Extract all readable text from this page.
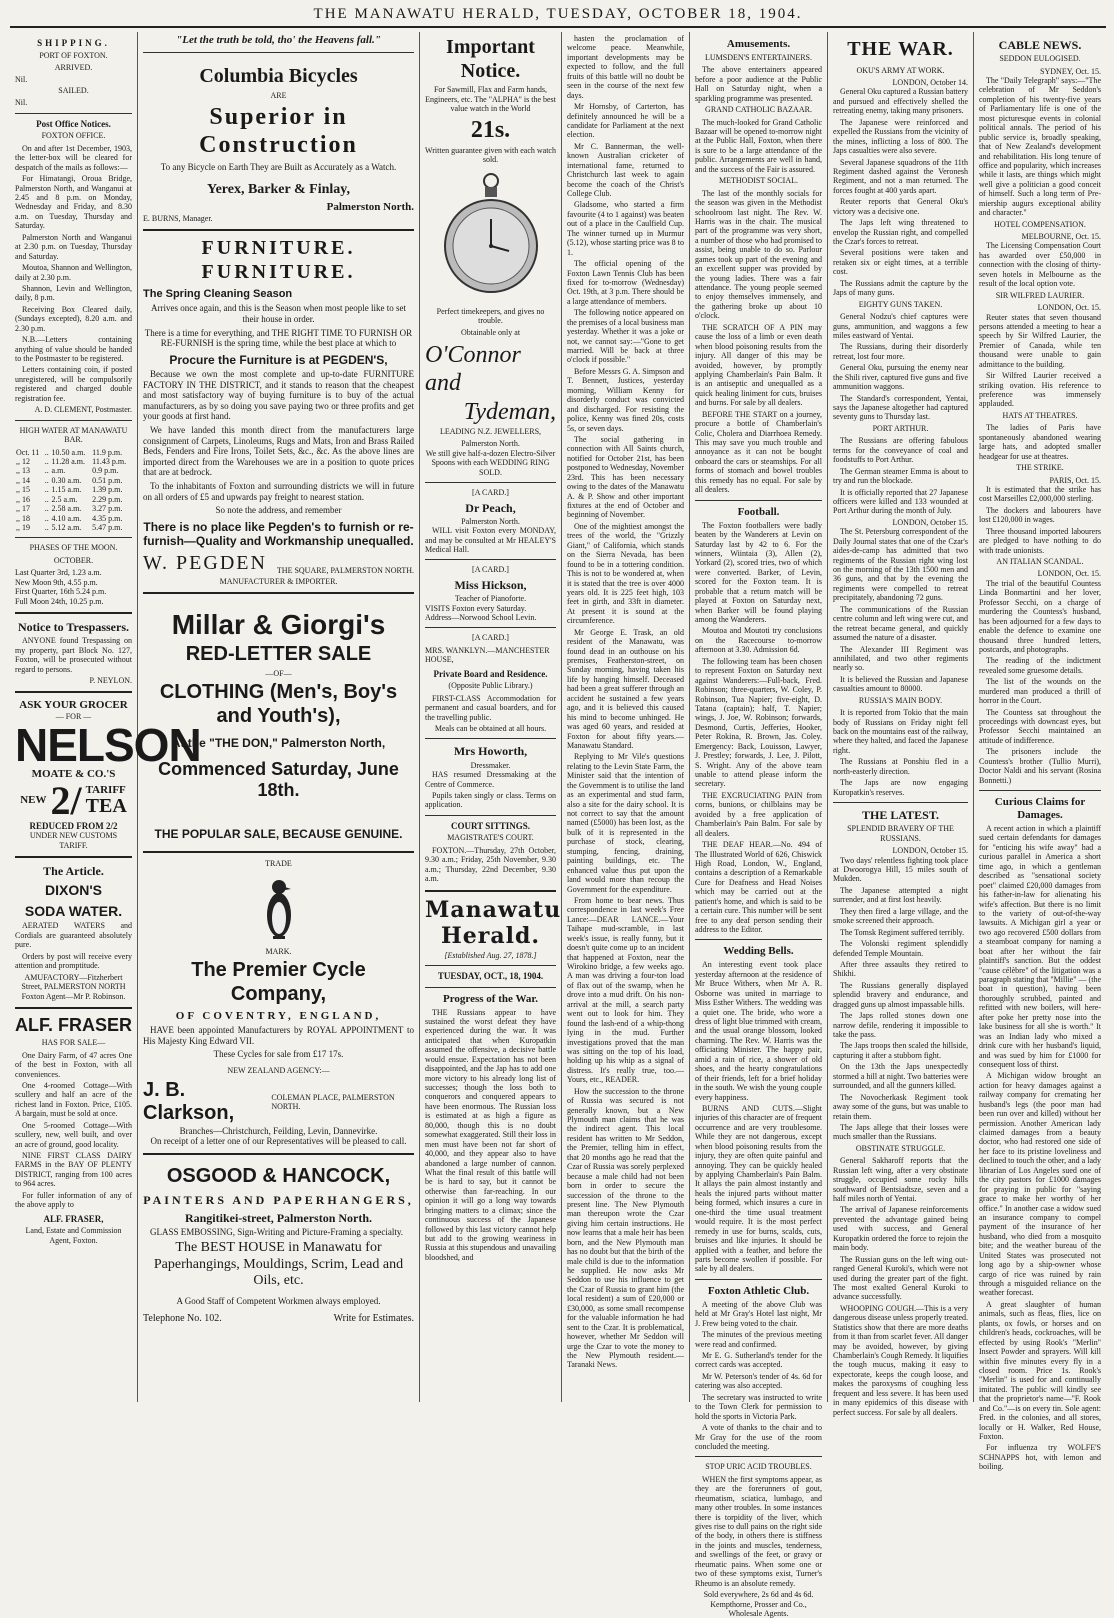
THE MANAWATU HERALD, TUESDAY, OCTOBER 18, 1904.
SHIPPING.
PORT OF FOXTON.
ARRIVED.
Nil.
SAILED.
Nil.
Post Office Notices.
FOXTON OFFICE.

On and after 1st December, 1903, the letter-box will be cleared for despatch of the mails as follows:—

For Himatangi, Oroua Bridge, Palmerston North, and Wanganui at 2.45 and 8 p.m. on Monday, Wednesday and Friday, and 8.30 a.m. on Tuesday, Thursday and Saturday.

Palmerston North and Wanganui at 2.30 p.m. on Tuesday, Thursday and Saturday.

Moutoa, Shannon and Wellington, daily at 2.30 p.m.

Shannon, Levin and Wellington, daily, 8 p.m.

Receiving Box Cleared daily, (Sundays excepted), 8.20 a.m. and 2.30 p.m.

N.B.—Letters containing anything of value should be handed to the Postmaster to be registered.

Letters containing coin, if posted unregistered, will be compulsorily registered and charged double registration fee.

A. D. CLEMENT, Postmaster.
HIGH WATER AT MANAWATU BAR.
Oct. 11	..	10.50 a.m.	11.9 p.m.
,, 12	..	11.28 a.m.	11.43 p.m.
,, 13	..	a.m.	0.9 p.m.
,, 14	..	0.30 a.m.	0.51 p.m.
,, 15	..	1.15 a.m.	1.39 p.m.
,, 16	..	2.5 a.m.	2.29 p.m.
,, 17	..	2.58 a.m.	3.27 p.m.
,, 18	..	4.10 a.m.	4.35 p.m.
,, 19	..	5.12 a.m.	5.47 p.m.
PHASES OF THE MOON.
OCTOBER.
Last Quarter 3rd, 1.23 a.m.
New Moon 9th, 4.55 p.m.
First Quarter, 16th 5.24 p.m.
Full Moon 24th, 10.25 p.m.
Notice to Trespassers.

ANYONE found Trespassing on my property, part Block No. 127, Foxton, will be prosecuted without regard to persons.

P. NEYLON.
ASK YOUR GROCER
— FOR —
NELSON
MOATE & CO.'S
NEW 2/ TARIFF
TEA
REDUCED FROM 2/2
UNDER NEW CUSTOMS TARIFF.
The Article.
DIXON'S
SODA WATER.

AERATED WATERS and Cordials are guaranteed absolutely pure.

Orders by post will receive every attention and promptitude.

AMUFACTORY—Fitzherbert Street, PALMERSTON NORTH
Foxton Agent—Mr P. Robinson.
ALF. FRASER
HAS FOR SALE—

One Dairy Farm, of 47 acres One of the best in Foxton, with all conveniences.

One 4-roomed Cottage—With scullery and half an acre of the richest land in Foxton. Price, £105. A bargain, must be sold at once.

One 5-roomed Cottage—With scullery, new, well built, and over an acre of ground, good locality.

NINE FIRST CLASS DAIRY FARMS in the BAY OF PLENTY DISTRICT, ranging from 100 acres to 964 acres.

For fuller information of any of the above apply to

ALF. FRASER,
Land, Estate and Commission Agent, Foxton.
"Let the truth be told, tho' the Heavens fall."
Columbia Bicycles
ARE
Superior in Construction
To any Bicycle on Earth They are Built as Accurately as a Watch.
Yerex, Barker & Finlay,
Palmerston North.
E. BURNS, Manager.
FURNITURE. FURNITURE.
The Spring Cleaning Season

Arrives once again, and this is the Season when most people like to set their house in order.

There is a time for everything, and THE RIGHT TIME TO FURNISH OR RE-FURNISH is the spring time, while the best place at which to

Procure the Furniture is at PEGDEN'S,

Because we own the most complete and up-to-date FURNITURE FACTORY IN THE DISTRICT, and it stands to reason that the cheapest and most satisfactory way of buying furniture is to buy of the actual manufacturers, as by so doing you save paying two or three profits and get your goods at first hand.

We have landed this month direct from the manufacturers large consignment of Carpets, Linoleums, Rugs and Mats, Iron and Brass Railed Beds, Fenders and Fire Irons, Toilet Sets, &c., &c. As the above lines are imported direct from the Warehouses we are in a position to quote prices that are at bedrock.

To the inhabitants of Foxton and surrounding districts we will in future on all orders of £5 and upwards pay freight to nearest station.

So note the address, and remember

There is no place like Pegden's to furnish or re-furnish—Quality and Workmanship unequalled.
W. PEGDEN THE SQUARE, PALMERSTON NORTH.
MANUFACTURER & IMPORTER.
Millar & Giorgi's
RED-LETTER SALE
—OF—
CLOTHING (Men's, Boy's and Youth's),
At the "THE DON," Palmerston North,
Commenced Saturday, June 18th.
THE POPULAR SALE, BECAUSE GENUINE.
TRADE
MARK.
The Premier Cycle Company,
OF COVENTRY, ENGLAND,

HAVE been appointed Manufacturers by ROYAL APPOINTMENT to His Majesty King Edward VII.

These Cycles for sale from £17 17s.

NEW ZEALAND AGENCY:—
J. B. Clarkson,
COLEMAN PLACE, PALMERSTON NORTH.
Branches—Christchurch, Feilding, Levin, Dannevirke.
On receipt of a letter one of our Representatives will be pleased to call.
OSGOOD & HANCOCK,
PAINTERS AND PAPERHANGERS,
Rangitikei-street, Palmerston North.

GLASS EMBOSSING, Sign-Writing and Picture-Framing a specialty.

The BEST HOUSE in Manawatu for Paperhangings, Mouldings, Scrim, Lead and Oils, etc.
A Good Staff of Competent Workmen always employed.
Telephone No. 102.	Write for Estimates.
Important Notice.

For Sawmill, Flax and Farm hands, Engineers, etc. The "ALPHA" is the best value watch in the World

21s.
Written guarantee given with each watch sold.

Perfect timekeepers, and gives no trouble.

Obtainable only at
O'Connor and
Tydeman,
LEADING N.Z. JEWELLERS,
Palmerston North.

We still give half-a-dozen Electro-Silver Spoons with each WEDDING RING SOLD.

[A CARD.]
Dr Peach,
Palmerston North.

WILL visit Foxton every MONDAY, and may be consulted at Mr HEALEY'S Medical Hall.

[A CARD.]
Miss Hickson,
Teacher of Pianoforte.
VISITS Foxton every Saturday.
Address—Norwood School Levin.
[A CARD.]
MRS. WANKLYN.—MANCHESTER HOUSE,
Private Board and Residence.
(Opposite Public Library.)

FIRST-CLASS Accommodation for permanent and casual boarders, and for the travelling public.

Meals can be obtained at all hours.
Mrs Howorth,
Dressmaker.

HAS resumed Dressmaking at the Centre of Commerce.

Pupils taken singly or class. Terms on application.

COURT SITTINGS.
MAGISTRATE'S COURT.

FOXTON.—Thursday, 27th October, 9.30 a.m.; Friday, 25th November, 9.30 a.m.; Thursday, 22nd December, 9.30 a.m.

Manawatu Herald.
[Established Aug. 27, 1878.]
TUESDAY, OCT., 18, 1904.
Progress of the War.

THE Russians appear to have sustained the worst defeat they have experienced during the war. It was anticipated that when Kuropatkin assumed the offensive, a decisive battle would ensue. Expectation has not been disappointed, and the Jap has to add one more victory to his already long list of successes; though the loss both to conquerors and conquered appears to have been enormous. The Russian loss is estimated at as high a figure as 80,000, though this is no doubt somewhat exaggerated. Still their loss in men must have been not far short of 40,000, and they appear also to have abandoned a large number of cannon. What the final result of this battle will be is hard to say, but it cannot be otherwise than far-reaching. In our opinion it will go a long way towards bringing matters to a climax; since the continuous success of the Japanese followed by this last victory cannot help but add to the growing weariness in Russia at this stupendous and unavailing bloodshed, and

hasten the proclamation of welcome peace. Meanwhile, important developments may be expected to follow, and the full fruits of this battle will no doubt be seen in the course of the next few days.

Mr Hornsby, of Carterton, has definitely announced he will be a candidate for Parliament at the next election.

Mr C. Bannerman, the well-known Australian cricketer of international fame, returned to Christchurch last week to again become the coach of the Christ's College Club.

Gladsome, who started a firm favourite (4 to 1 against) was beaten out of a place in the Caulfield Cup. The winner turned up in Murmur (5.12), whose starting price was 8 to 1.

The official opening of the Foxton Lawn Tennis Club has been fixed for to-morrow (Wednesday) Oct. 19th, at 3 p.m. There should be a large attendance of members.

The following notice appeared on the premises of a local business man yesterday. Whether it was a joke or not, we cannot say:—"Gone to get married. Will be back at three o'clock if possible."

Before Messrs G. A. Simpson and T. Bennett, Justices, yesterday morning, William Kenny for disorderly conduct was convicted and discharged. For resisting the police, Kenny was fined 20s, costs 5s, or seven days.

The social gathering in connection with All Saints church, notified for October 21st, has been postponed to Wednesday, November 23rd. This has been necessary owing to the dates of the Manawatu A. & P. Show and other important fixtures at the end of October and beginning of November.

One of the mightiest amongst the trees of the world, the "Grizzly Giant," of California, which stands on the Sierra Nevada, has been found to be in a tottering condition. This is not to be wondered at, when it is stated that the tree is over 4000 years old. It is 225 feet high, 103 feet in girth, and 33ft in diameter. At present it is sound at the circumference.

Mr George E. Trask, an old resident of the Manawatu, was found dead in an outhouse on his premises, Featherston-street, on Sunday morning, having taken his life by hanging himself. Deceased had been a great sufferer through an accident he sustained a few years ago, and it is believed this caused his mind to become unhinged. He was aged 60 years, and resided at Foxton for about fifty years.—Manawatu Standard.

Replying to Mr Vile's questions relating to the Levin State Farm, the Minister said that the intention of the Government is to utilise the land as an experimental and stud farm, also a site for the dairy school. It is not correct to say that the amount named (£5000) has been lost, as the bulk of it is represented in the purchase of stock, clearing, stumping, fencing, draining, painting buildings, etc. The enhanced value thus put upon the land would more than recoup the Government for the expenditure.

From home to bear news. Thus correspondence in last week's Free Lance:—DEAR LANCE.—Your Taihape mud-scramble, in last week's issue, is really funny, but it doesn't quite come up to an incident that happened at Foxton, near the Wirokino bridge, a few weeks ago. A man was driving a four-ton load of flax out of the swamp, when he drove into a mud drift. On his non-arrival at the mill, a search party went out to look for him. They found the lash-end of a whip-thong lying in the mud. Further investigations proved that the man was sitting on the top of his load, holding up his whip as a signal of distress. It's really true, too.—Yours, etc., READER.

How the succession to the throne of Russia was secured is not generally known, but a New Plymouth man claims that he was the indirect agent. This local resident has written to Mr Seddon, the Premier, telling him in effect, that 20 months ago he read that the Czar of Russia was sorely perplexed because a male child had not been born in order to secure the succession of the throne to the present line. The New Plymouth man thereupon wrote the Czar giving him certain instructions. He now learns that a male heir has been born, and the New Plymouth man has no doubt but that the birth of the male child is due to the information he supplied. He now asks Mr Seddon to use his influence to get the Czar of Russia to grant him (the local resident) a sum of £20,000 or £30,000, as some small recompense for the valuable information he had sent to the Czar. It is problematical, however, whether Mr Seddon will urge the Czar to vote the money to the New Plymouth resident.—Taranaki News.

Amusements.
LUMSDEN'S ENTERTAINERS.

The above entertainers appeared before a poor audience at the Public Hall on Saturday night, when a sparkling programme was presented.

GRAND CATHOLIC BAZAAR.

The much-looked for Grand Catholic Bazaar will be opened to-morrow night at the Public Hall, Foxton, when there is sure to be a large attendance of the public. Arrangements are well in hand, and the success of the Fair is assured.

METHODIST SOCIAL.

The last of the monthly socials for the season was given in the Methodist schoolroom last night. The Rev. W. Harris was in the chair. The musical part of the programme was very short, a number of those who had promised to assist, being unable to do so. Parlour games took up part of the evening and an excellent supper was provided by the young ladies. There was a fair attendance. The young people seemed to enjoy themselves immensely, and the gathering broke up about 10 o'clock.

THE SCRATCH OF A PIN may cause the loss of a limb or even death when blood poisoning results from the injury. All danger of this may be avoided, however, by promptly applying Chamberlain's Pain Balm. It is an antiseptic and unequalled as a quick healing liniment for cuts, bruises and burns. For sale by all dealers.

BEFORE THE START on a journey, procure a bottle of Chamberlain's Colic, Cholera and Diarrhoea Remedy. This may save you much trouble and annoyance as it can not be bought onboard the cars or steamships. For all forms of stomach and bowel troubles this remedy has no equal. For sale by all dealers.

Football.

The Foxton footballers were badly beaten by the Wanderers at Levin on Saturday last by 42 to 6. For the winners, Wiintaia (3), Allen (2), Yorkard (2), scored tries, two of which were converted. Barker, of Levin, scored for the Foxton team. It is probable that a return match will be played at Foxton on Saturday next, when Barker will be found playing among the Wanderers.

Moutoa and Moutoti try conclusions on the Racecourse to-morrow afternoon at 3.30. Admission 6d.

The following team has been chosen to represent Foxton on Saturday next against Wanderers:—Full-back, Fred. Robinson; three-quarters, W. Coley, P. Robinson, Tua Napier; five-eight, D. Tatana (captain); half, T. Napier; wings, J. Joe, W. Robinson; forwards, Desmond, Curtis, Jefferies, Hooker, Peter Rokina, R. Brown, Jas. Coley. Emergency: Back, Louisson, Lawyer, J. Prestley; forwards, J. Lee, J. Pilott, S. Wright. Any of the above team unable to attend please inform the secretary.

THE EXCRUCIATING PAIN from corns, bunions, or chilblains may be avoided by a free application of Chamberlain's Pain Balm. For sale by all dealers.

THE DEAF HEAR.—No. 494 of The Illustrated World of 626, Chiswick High Road, London, W., England, contains a description of a Remarkable Cure for Deafness and Head Noises which may be carried out at the patient's home, and which is said to be a certain cure. This number will be sent free to any deaf person sending their address to the Editor.

Wedding Bells.

An interesting event took place yesterday afternoon at the residence of Mr Bruce Withers, when Mr A. R. Osborne was united in marriage to Miss Esther Withers. The wedding was a quiet one. The bride, who wore a dress of light blue trimmed with cream, and the usual orange blossom, looked charming. The Rev. W. Harris was the officiating Minister. The happy pair, amid a rain of rice, a shower of old shoes, and the hearty congratulations of their friends, left for a brief holiday in the south. We wish the young couple every happiness.

BURNS AND CUTS.—Slight injuries of this character are of frequent occurrence and are very troublesome. While they are not dangerous, except when blood poisoning results from the injury, they are often quite painful and annoying. They can be quickly healed by applying Chamberlain's Pain Balm. It allays the pain almost instantly and heals the injured parts without matter being formed, which insures a cure in one-third the time usual treatment would require. It is the most perfect remedy in use for burns, scalds, cuts, bruises and like injuries. It should be applied with a feather, and before the parts become swollen if possible. For sale by all dealers.

Foxton Athletic Club.

A meeting of the above Club was held at Mr Gray's Hotel last night, Mr J. Frew being voted to the chair.

The minutes of the previous meeting were read and confirmed.

Mr E. G. Sutherland's tender for the correct cards was accepted.

Mr W. Peterson's tender of 4s. 6d for catering was also accepted.

The secretary was instructed to write to the Town Clerk for permission to hold the sports in Victoria Park.

A vote of thanks to the chair and to Mr Gray for the use of the room concluded the meeting.

STOP URIC ACID TROUBLES.

WHEN the first symptoms appear, as they are the forerunners of gout, rheumatism, sciatica, lumbago, and many other troubles. In some instances there is torpidity of the liver, which gives rise to dull pains on the right side of the body, in others there is stiffness in the joints and muscles, tenderness, and swellings of the feet, or gravy or rheumatic pains. When some one or two of these symptoms exist, Turner's Rheumo is an absolute remedy.

Sold everywhere, 2s 6d and 4s 6d.
Kempthorne, Prosser and Co., Wholesale Agents.
THE WAR.
OKU'S ARMY AT WORK.
LONDON, October 14.

General Oku captured a Russian battery and pursued and effectively shelled the retreating enemy, taking many prisoners.

The Japanese were reinforced and expelled the Russians from the vicinity of the mines, inflicting a loss of 800. The Japs casualties were also severe.

Several Japanese squadrons of the 11th Regiment dashed against the Veronesh Regiment, and not a man returned. The forces fought at 400 yards apart.

Reuter reports that General Oku's victory was a decisive one.

The Japs left wing threatened to envelop the Russian right, and compelled the Czar's forces to retreat.

Several positions were taken and retaken six or eight times, at a terrible cost.

The Russians admit the capture by the Japs of many guns.

EIGHTY GUNS TAKEN.

General Nodzu's chief captures were guns, ammunition, and waggons a few miles eastward of Yentai.

The Russians, during their disorderly retreat, lost four more.

General Oku, pursuing the enemy near the Shili river, captured five guns and five ammunition waggons.

The Standard's correspondent, Yentai, says the Japanese altogether had captured seventy guns to Thursday last.

PORT ARTHUR.

The Russians are offering fabulous terms for the conveyance of coal and foodstuffs to Port Arthur.

The German steamer Emma is about to try and run the blockade.

It is officially reported that 27 Japanese officers were killed and 133 wounded at Port Arthur during the month of July.

LONDON, October 15.

The St. Petersburg correspondent of the Daily Journal states that one of the Czar's aides-de-camp has admitted that two regiments of the Russian right wing lost on the morning of the 13th 1500 men and 36 guns, and that by the evening the regiments were compelled to retreat precipitately, abandoning 72 guns.

The communications of the Russian centre column and left wing were cut, and the retreat became general, and quickly assumed the nature of a disaster.

The Alexander III Regiment was annihilated, and two other regiments nearly so.

It is believed the Russian and Japanese casualties amount to 80000.

RUSSIA'S MAIN BODY.

It is reported from Tokio that the main body of Russians on Friday night fell back on the mountains east of the railway, where they halted, and faced the Japanese right.

The Russians at Ponshiu fled in a north-easterly direction.

The Japs are now engaging Kuropatkin's reserves.

THE LATEST.
SPLENDID BRAVERY OF THE RUSSIANS.
LONDON, October 15.

Two days' relentless fighting took place at Dwoorogya Hill, 15 miles south of Mukden.

The Japanese attempted a night surrender, and at first lost heavily.

They then fired a large village, and the smoke screened their approach.

The Tomsk Regiment suffered terribly.

The Volonski regiment splendidly defended Temple Mountain.

After three assaults they retired to Shikhi.

The Russians generally displayed splendid bravery and endurance, and dragged guns up almost impassable hills.

The Japs rolled stones down one narrow defile, rendering it impossible to take the pass.

The Japs troops then scaled the hillside, capturing it after a stubborn fight.

On the 13th the Japs unexpectedly stormed a hill at night. Two batteries were surrounded, and all the gunners killed.

The Novocherkask Regiment took away some of the guns, but was unable to retain them.

The Japs allege that their losses were much smaller than the Russians.

OBSTINATE STRUGGLE.

General Sakharoff reports that the Russian left wing, after a very obstinate struggle, occupied some rocky hills southward of Bentsiadtsze, seven and a half miles north of Yentai.

The arrival of Japanese reinforcements prevented the advantage gained being used with success, and General Kuropatkin ordered the force to rejoin the main body.

The Russian guns on the left wing out-ranged General Kuroki's, which were not used during the greater part of the fight. The most exalted General Kuroki to advance successfully.

WHOOPING COUGH.—This is a very dangerous disease unless properly treated. Statistics show that there are more deaths from it than from scarlet fever. All danger may be avoided, however, by giving Chamberlain's Cough Remedy. It liquifies the tough mucus, making it easy to expectorate, keeps the cough loose, and makes the paroxysms of coughing less frequent and less severe. It has been used in many epidemics of this disease with perfect success. For sale by all dealers.

CABLE NEWS.
SEDDON EULOGISED.
SYDNEY, Oct. 15.

The "Daily Telegraph" says:—"The celebration of Mr Seddon's completion of his twenty-five years of Parliamentary life is one of the most picturesque events in colonial political annals. The period of his public service is, broadly speaking, that of New Zealand's development and rehabilitation. His long tenure of office and popularity, which increases while it lasts, are things which might well give a politician a good conceit of himself. Such a long term of Pre-miership augurs exceptional ability and character."

HOTEL COMPENSATION.
MELBOURNE, Oct. 15.

The Licensing Compensation Court has awarded over £50,000 in connection with the closing of thirty-seven hotels in Melbourne as the result of the local option vote.

SIR WILFRED LAURIER.
LONDON, Oct. 15.

Reuter states that seven thousand persons attended a meeting to hear a speech by Sir Wilfred Laurier, the Premier of Canada, while ten thousand were unable to gain admittance to the building.

Sir Wilfred Laurier received a striking ovation. His reference to preference was immensely applauded.

HATS AT THEATRES.

The ladies of Paris have spontaneously abandoned wearing large hats, and adopted smaller headgear for use at theatres.

THE STRIKE.
PARIS, Oct. 15.

It is estimated that the strike has cost Marseilles £2,000,000 sterling.

The dockers and labourers have lost £120,000 in wages.

Three thousand imported labourers are pledged to have nothing to do with trade unionists.

AN ITALIAN SCANDAL.
LONDON, Oct. 15.

The trial of the beautiful Countess Linda Bonmartini and her lover, Professor Secchi, on a charge of murdering the Countess's husband, has been adjourned for a few days to enable the defence to examine one thousand three hundred letters, postcards, and photographs.

The reading of the indictment revealed some gruesome details.

The list of the wounds on the murdered man produced a thrill of horror in the Court.

The Countess sat throughout the proceedings with downcast eyes, but Professor Secchi maintained an attitude of indifference.

The prisoners include the Countess's brother (Tullio Murri), Doctor Naldi and his servant (Rosina Bonnetti.)

Curious Claims for Damages.

A recent action in which a plaintiff sued certain defendants for damages for "enticing his wife away" had a curious parallel in America a short time ago, in which a gentleman described as "sensational society poet" claimed £20,000 damages from his father-in-law for alienating his wife's affection. But there is no limit to the variety of out-of-the-way lawsuits. A Michigan girl a year or two ago recovered £500 dollars from a steamboat company for naming a boat after her without the fair plaintiff's sanction. But the oddest "cause célèbre" of the litigation was a paragraph stating that "Millie" — (the boat in question), having been thoroughly scrubbed, painted and refitted with new boilers, will here-after poke her pretty nose into the lake business for all she is worth." It was an Indian lady who mixed a drink cure with her husband's liquid, and was sued by him for £1000 for consequent loss of thirst.

A Michigan widow brought an action for heavy damages against a railway company for cremating her husband's legs (the poor man had been run over and killed) without her permission. Another American lady claimed damages from a beauty doctor, who had restored one side of her face to its pristine loveliness and declined to touch the other, and a lady librarian of Los Angeles sued one of the city pastors for £1000 damages for praying in public for "saying grace to make her worthy of her office." In another case a widow sued an insurance company to compel payment of the insurance of her husband, who died from a mosquito bite; and the weather bureau of the United States was prosecuted not long ago by a ship-owner whose cargo of rice was ruined by rain through a misguided reliance on the weather forecast.

A great slaughter of human animals, such as fleas, flies, lice on plants, ox fowls, or horses and on children's heads, cockroaches, will be effected by using Rook's "Merlin" Insect Powder and sprayers. Will kill within five minutes every fly in a closed room. Price 1s. Rook's "Merlin" is used for and continually imitated. The public will kindly see that the proprietor's name—"F. Rook and Co."—is on every tin. Sole agent: Fred. in the colonies, and all stores, locally or H. Walker, Red House, Foxton.

For influenza try WOLFE'S SCHNAPPS hot, with lemon and boiling.
